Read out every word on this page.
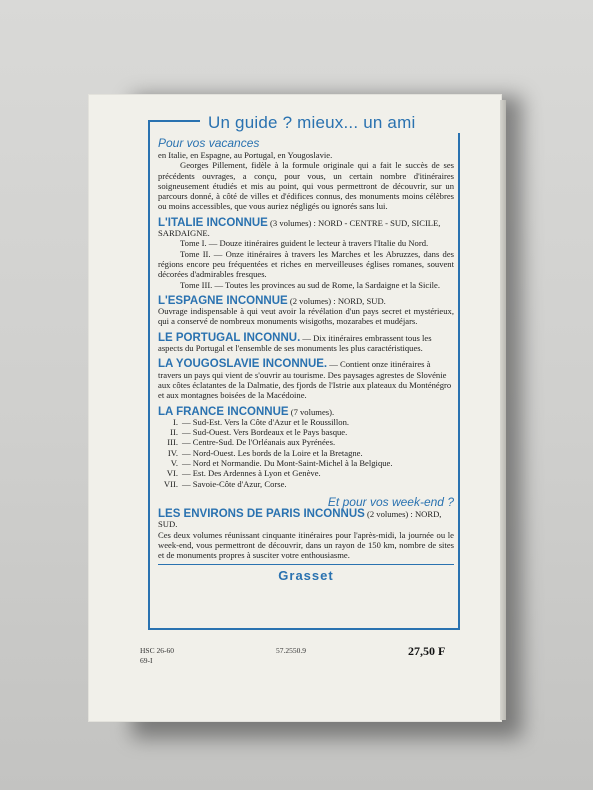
Un guide ? mieux... un ami
Pour vos vacances

en Italie, en Espagne, au Portugal, en Yougoslavie.

Georges Pillement, fidèle à la formule originale qui a fait le succès de ses précédents ouvrages, a conçu, pour vous, un certain nombre d'itinéraires soigneusement étudiés et mis au point, qui vous permettront de découvrir, sur un parcours donné, à côté de villes et d'édifices connus, des monuments moins célèbres ou moins accessibles, que vous auriez négligés ou ignorés sans lui.

L'ITALIE INCONNUE (3 volumes) : NORD - CENTRE - SUD, SICILE, SARDAIGNE.

Tome I. — Douze itinéraires guident le lecteur à travers l'Italie du Nord.

Tome II. — Onze itinéraires à travers les Marches et les Abruzzes, dans des régions encore peu fréquentées et riches en merveilleuses églises romanes, souvent décorées d'admirables fresques.

Tome III. — Toutes les provinces au sud de Rome, la Sardaigne et la Sicile.

L'ESPAGNE INCONNUE (2 volumes) : NORD, SUD.

Ouvrage indispensable à qui veut avoir la révélation d'un pays secret et mystérieux, qui a conservé de nombreux monuments wisigoths, mozarabes et mudéjars.

LE PORTUGAL INCONNU. — Dix itinéraires embrassent tous les aspects du Portugal et l'ensemble de ses monuments les plus caractéristiques.
LA YOUGOSLAVIE INCONNUE. — Contient onze itinéraires à travers un pays qui vient de s'ouvrir au tourisme. Des paysages agrestes de Slovénie aux côtes éclatantes de la Dalmatie, des fjords de l'Istrie aux plateaux du Monténégro et aux montagnes boisées de la Macédoine.
LA FRANCE INCONNUE (7 volumes).
I. — Sud-Est. Vers la Côte d'Azur et le Roussillon.
II. — Sud-Ouest. Vers Bordeaux et le Pays basque.
III. — Centre-Sud. De l'Orléanais aux Pyrénées.
IV. — Nord-Ouest. Les bords de la Loire et la Bretagne.
V. — Nord et Normandie. Du Mont-Saint-Michel à la Belgique.
VI. — Est. Des Ardennes à Lyon et Genève.
VII. — Savoie-Côte d'Azur, Corse.
Et pour vos week-end ?
LES ENVIRONS DE PARIS INCONNUS (2 volumes) : NORD, SUD.

Ces deux volumes réunissant cinquante itinéraires pour l'après-midi, la journée ou le week-end, vous permettront de découvrir, dans un rayon de 150 km, nombre de sites et de monuments propres à susciter votre enthousiasme.

Grasset
HSC 26-60
69-I
57.2550.9	27,50 F
